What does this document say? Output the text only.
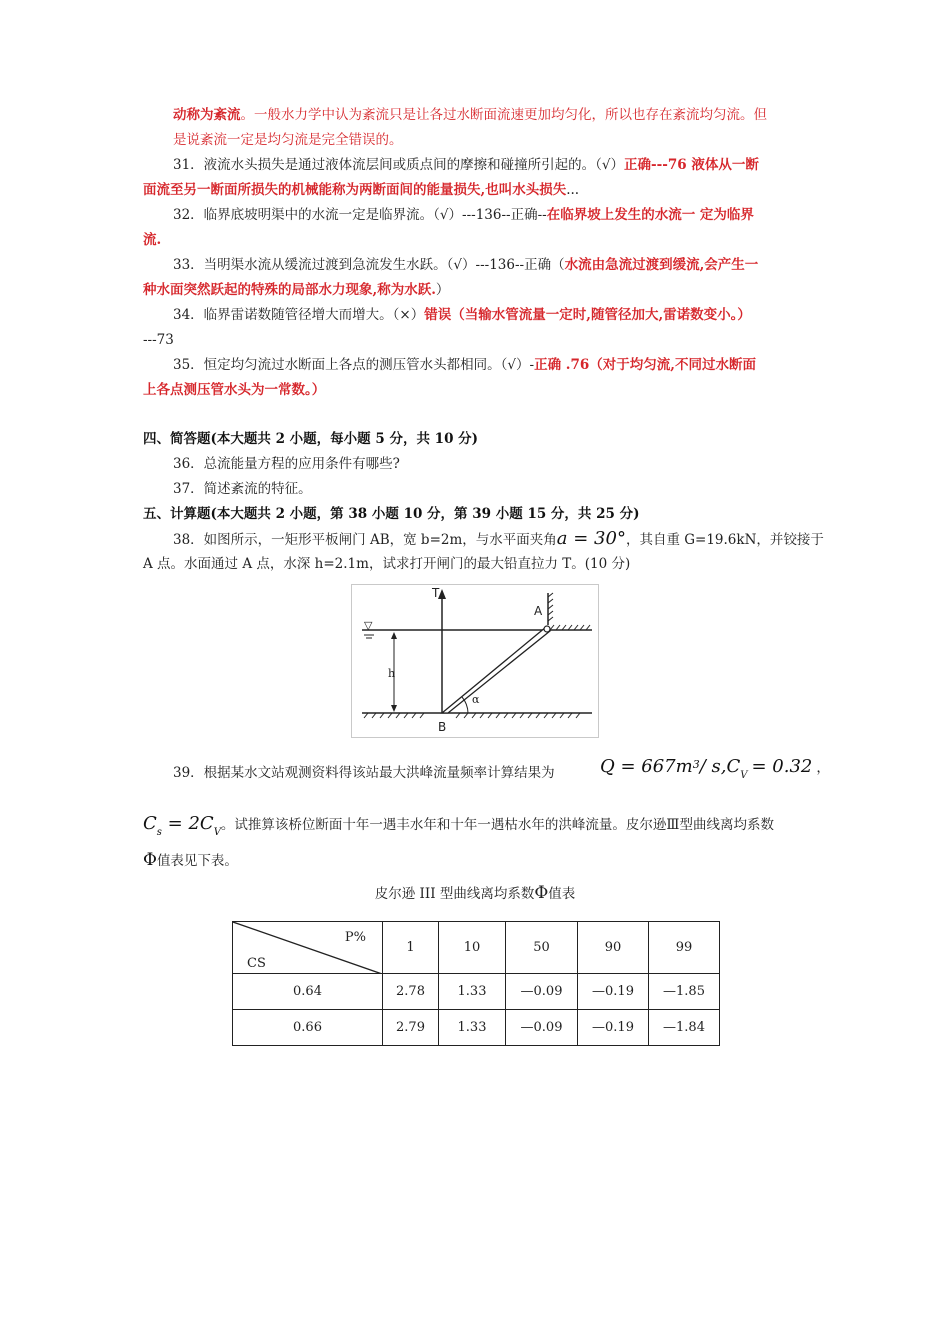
动称为紊流。一般水力学中认为紊流只是让各过水断面流速更加均匀化，所以也存在紊流均匀流。但
是说紊流一定是均匀流是完全错误的。
31．液流水头损失是通过液体流层间或质点间的摩擦和碰撞所引起的。（√）正确---76 液体从一断
面流至另一断面所损失的机械能称为两断面间的能量损失,也叫水头损失...
32．临界底坡明渠中的水流一定是临界流。（√）---136--正确--在临界坡上发生的水流一 定为临界
流.
33．当明渠水流从缓流过渡到急流发生水跃。（√）---136--正确（水流由急流过渡到缓流,会产生一
种水面突然跃起的特殊的局部水力现象,称为水跃.）
34．临界雷诺数随管径增大而增大。（×）错误（当输水管流量一定时,随管径加大,雷诺数变小。）
---73
35．恒定均匀流过水断面上各点的测压管水头都相同。（√）-正确 .76（对于均匀流,不同过水断面
上各点测压管水头为一常数。）
四、简答题(本大题共 2 小题，每小题 5 分，共 10 分)
36．总流能量方程的应用条件有哪些?
37．简述紊流的特征。
五、计算题(本大题共 2 小题，第 38 小题 10 分，第 39 小题 15 分，共 25 分)
38．如图所示，一矩形平板闸门 AB，宽 b=2m，与水平面夹角a = 30°，其自重 G=19.6kN，并铰接于
A 点。水面通过 A 点，水深 h=2.1m，试求打开闸门的最大铅直拉力 T。(10 分)
▽
T
A
B
h
α
39．根据某水文站观测资料得该站最大洪峰流量频率计算结果为	$Q = 667m^3/$ $s,C_V = 0.32$ ，
$C_s = 2C_V$。试推算该桥位断面十年一遇丰水年和十年一遇枯水年的洪峰流量。皮尔逊Ⅲ型曲线离均系数
Φ值表见下表。
皮尔逊 III 型曲线离均系数Φ值表
P%
CS	1	10	50	90	99
0.64	2.78	1.33	—0.09	—0.19	—1.85
0.66	2.79	1.33	—0.09	—0.19	—1.84
